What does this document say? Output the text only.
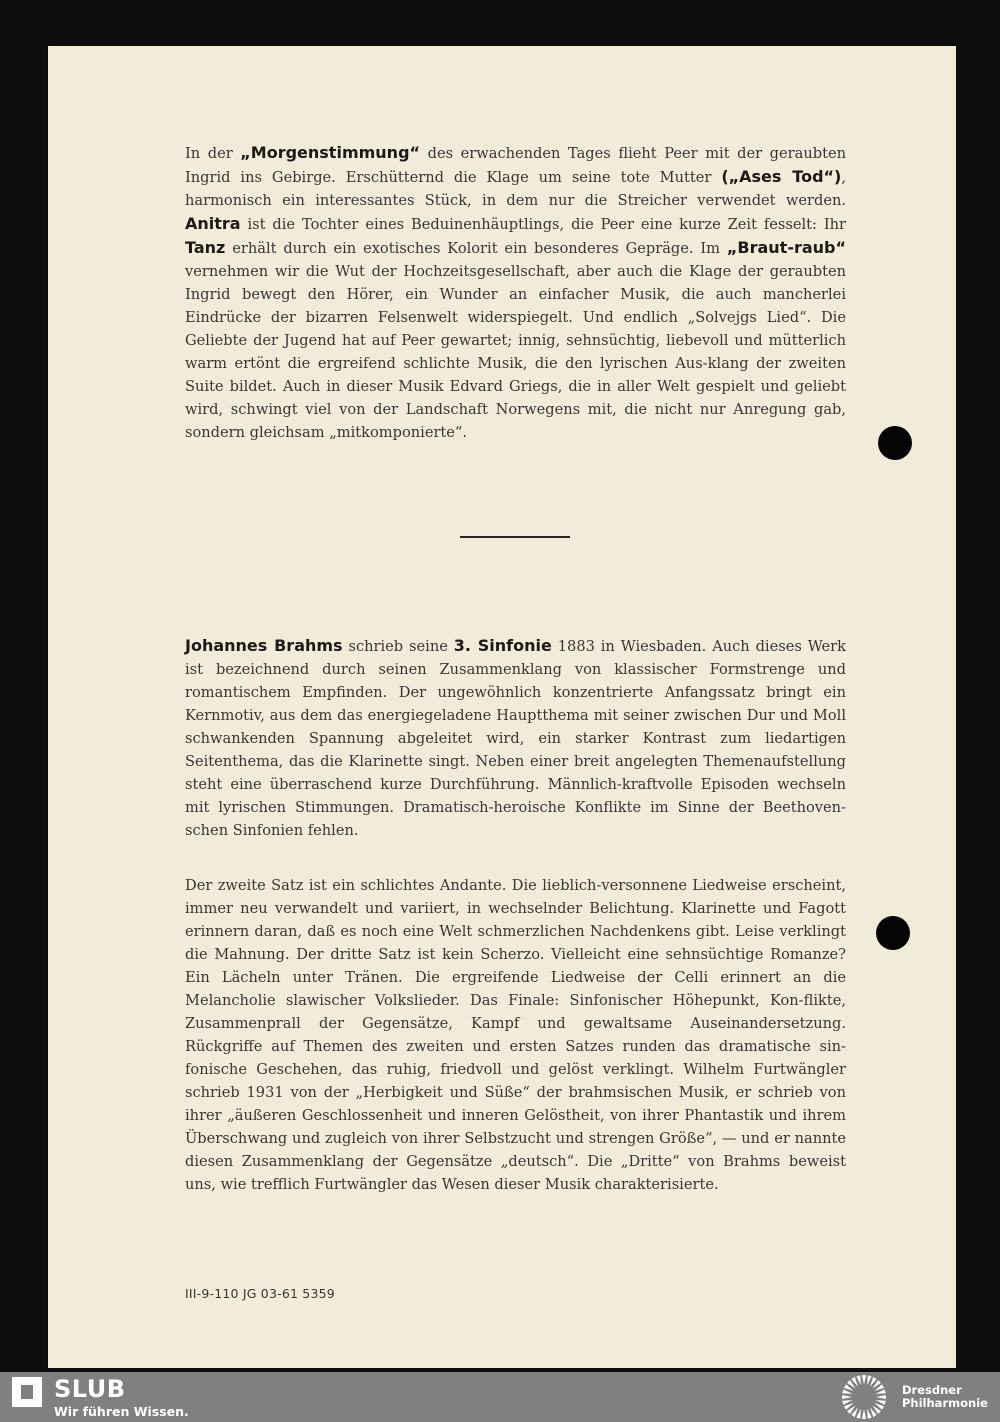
In der „Morgenstimmung“ des erwachenden Tages flieht Peer mit der geraubten Ingrid ins Gebirge. Erschütternd die Klage um seine tote Mutter („Ases Tod“), harmonisch ein interessantes Stück, in dem nur die Streicher verwendet werden. Anitra ist die Tochter eines Beduinenhäuptlings, die Peer eine kurze Zeit fesselt: Ihr Tanz erhält durch ein exotisches Kolorit ein besonderes Gepräge. Im „Braut-raub“ vernehmen wir die Wut der Hochzeitsgesellschaft, aber auch die Klage der geraubten Ingrid bewegt den Hörer, ein Wunder an einfacher Musik, die auch mancherlei Eindrücke der bizarren Felsenwelt widerspiegelt. Und endlich „Solvejgs Lied“. Die Geliebte der Jugend hat auf Peer gewartet; innig, sehnsüchtig, liebevoll und mütterlich warm ertönt die ergreifend schlichte Musik, die den lyrischen Aus-klang der zweiten Suite bildet. Auch in dieser Musik Edvard Griegs, die in aller Welt gespielt und geliebt wird, schwingt viel von der Landschaft Norwegens mit, die nicht nur Anregung gab, sondern gleichsam „mitkomponierte“.

Johannes Brahms schrieb seine 3. Sinfonie 1883 in Wiesbaden. Auch dieses Werk ist bezeichnend durch seinen Zusammenklang von klassischer Formstrenge und romantischem Empfinden. Der ungewöhnlich konzentrierte Anfangssatz bringt ein Kernmotiv, aus dem das energiegeladene Hauptthema mit seiner zwischen Dur und Moll schwankenden Spannung abgeleitet wird, ein starker Kontrast zum liedartigen Seitenthema, das die Klarinette singt. Neben einer breit angelegten Themenaufstellung steht eine überraschend kurze Durchführung. Männlich-kraftvolle Episoden wechseln mit lyrischen Stimmungen. Dramatisch-heroische Konflikte im Sinne der Beethoven-schen Sinfonien fehlen.

Der zweite Satz ist ein schlichtes Andante. Die lieblich-versonnene Liedweise erscheint, immer neu verwandelt und variiert, in wechselnder Belichtung. Klarinette und Fagott erinnern daran, daß es noch eine Welt schmerzlichen Nachdenkens gibt. Leise verklingt die Mahnung. Der dritte Satz ist kein Scherzo. Vielleicht eine sehnsüchtige Romanze? Ein Lächeln unter Tränen. Die ergreifende Liedweise der Celli erinnert an die Melancholie slawischer Volkslieder. Das Finale: Sinfonischer Höhepunkt, Kon-flikte, Zusammenprall der Gegensätze, Kampf und gewaltsame Auseinandersetzung. Rückgriffe auf Themen des zweiten und ersten Satzes runden das dramatische sin-fonische Geschehen, das ruhig, friedvoll und gelöst verklingt. Wilhelm Furtwängler schrieb 1931 von der „Herbigkeit und Süße“ der brahmsischen Musik, er schrieb von ihrer „äußeren Geschlossenheit und inneren Gelöstheit, von ihrer Phantastik und ihrem Überschwang und zugleich von ihrer Selbstzucht und strengen Größe“, — und er nannte diesen Zusammenklang der Gegensätze „deutsch“. Die „Dritte“ von Brahms beweist uns, wie trefflich Furtwängler das Wesen dieser Musik charakterisierte.

III-9-110 JG 03-61 5359
SLUB
Wir führen Wissen.
Dresdner
Philharmonie
